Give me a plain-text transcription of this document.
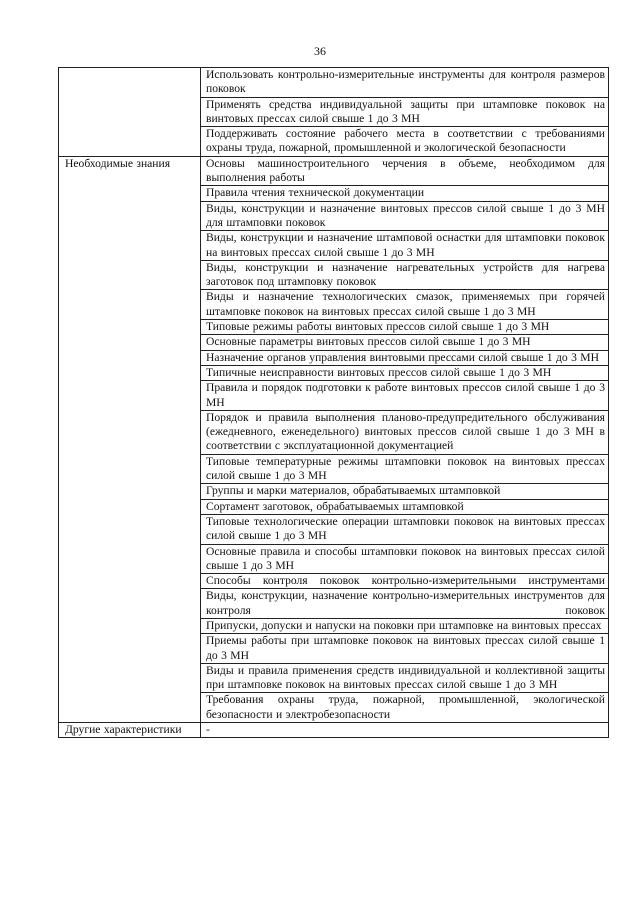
36
	Использовать контрольно-измерительные инструменты для контроля размеров поковок
	Применять средства индивидуальной защиты при штамповке поковок на винтовых прессах силой свыше 1 до 3 МН
	Поддерживать состояние рабочего места в соответствии с требованиями охраны труда, пожарной, промышленной и экологической безопасности
Необходимые знания	Основы машиностроительного черчения в объеме, необходимом для выполнения работы
	Правила чтения технической документации
	Виды, конструкции и назначение винтовых прессов силой свыше 1 до 3 МН для штамповки поковок
	Виды, конструкции и назначение штамповой оснастки для штамповки поковок на винтовых прессах силой свыше 1 до 3 МН
	Виды, конструкции и назначение нагревательных устройств для нагрева заготовок под штамповку поковок
	Виды и назначение технологических смазок, применяемых при горячей штамповке поковок на винтовых прессах силой свыше 1 до 3 МН
	Типовые режимы работы винтовых прессов силой свыше 1 до 3 МН
	Основные параметры винтовых прессов силой свыше 1 до 3 МН
	Назначение органов управления винтовыми прессами силой свыше 1 до 3 МН
	Типичные неисправности винтовых прессов силой свыше 1 до 3 МН
	Правила и порядок подготовки к работе винтовых прессов силой свыше 1 до 3 МН
	Порядок и правила выполнения планово-предупредительного обслуживания (ежедневного, еженедельного) винтовых прессов силой свыше 1 до 3 МН в соответствии с эксплуатационной документацией
	Типовые температурные режимы штамповки поковок на винтовых прессах силой свыше 1 до 3 МН
	Группы и марки материалов, обрабатываемых штамповкой
	Сортамент заготовок, обрабатываемых штамповкой
	Типовые технологические операции штамповки поковок на винтовых прессах силой свыше 1 до 3 МН
	Основные правила и способы штамповки поковок на винтовых прессах силой свыше 1 до 3 МН
	Способы контроля поковок контрольно-измерительными инструментами
	Виды, конструкции, назначение контрольно-измерительных инструментов для контроля поковок
	Припуски, допуски и напуски на поковки при штамповке на винтовых прессах
	Приемы работы при штамповке поковок на винтовых прессах силой свыше 1 до 3 МН
	Виды и правила применения средств индивидуальной и коллективной защиты при штамповке поковок на винтовых прессах силой свыше 1 до 3 МН
	Требования охраны труда, пожарной, промышленной, экологической безопасности и электробезопасности
Другие характеристики	-
